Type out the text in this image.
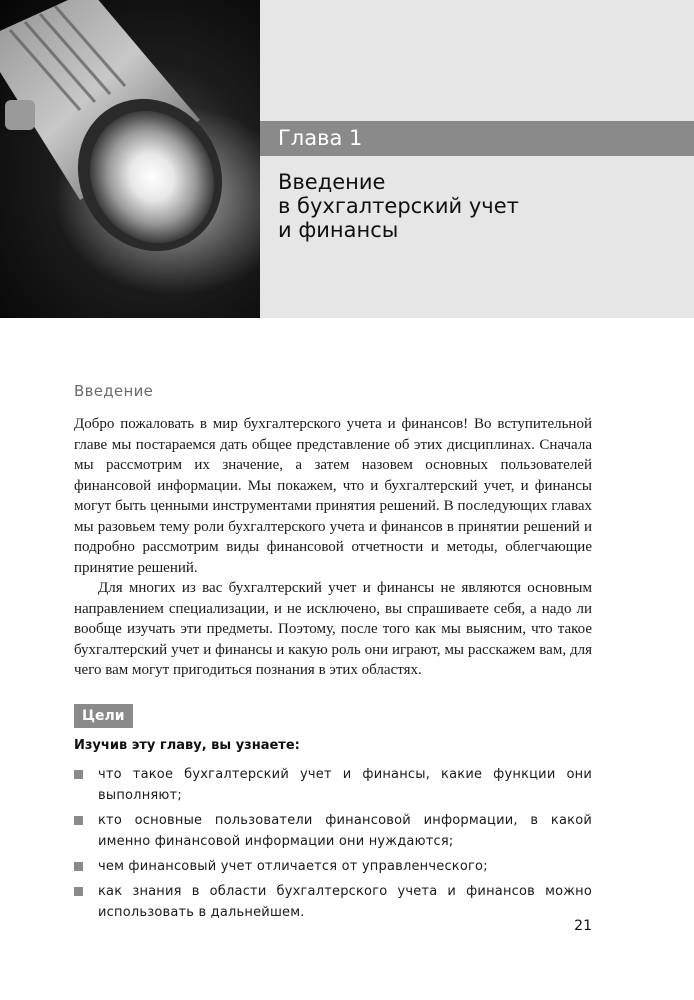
Глава 1
Введение
в бухгалтерский учет
и финансы
Введение

Добро пожаловать в мир бухгалтерского учета и финансов! Во вступительной главе мы постараемся дать общее представление об этих дисциплинах. Сначала мы рассмотрим их значение, а затем назовем основных пользователей финансовой информации. Мы покажем, что и бухгалтерский учет, и финансы могут быть ценными инструментами принятия решений. В последующих главах мы разовьем тему роли бухгалтерского учета и финансов в принятии решений и подробно рассмотрим виды финансовой отчетности и методы, облегчающие принятие решений.

Для многих из вас бухгалтерский учет и финансы не являются основным направлением специализации, и не исключено, вы спрашиваете себя, а надо ли вообще изучать эти предметы. Поэтому, после того как мы выясним, что такое бухгалтерский учет и финансы и какую роль они играют, мы расскажем вам, для чего вам могут пригодиться познания в этих областях.

Цели
Изучив эту главу, вы узнаете:
что такое бухгалтерский учет и финансы, какие функции они выполняют;
кто основные пользователи финансовой информации, в какой именно финансовой информации они нуждаются;
чем финансовый учет отличается от управленческого;
как знания в области бухгалтерского учета и финансов можно использовать в дальнейшем.
21
